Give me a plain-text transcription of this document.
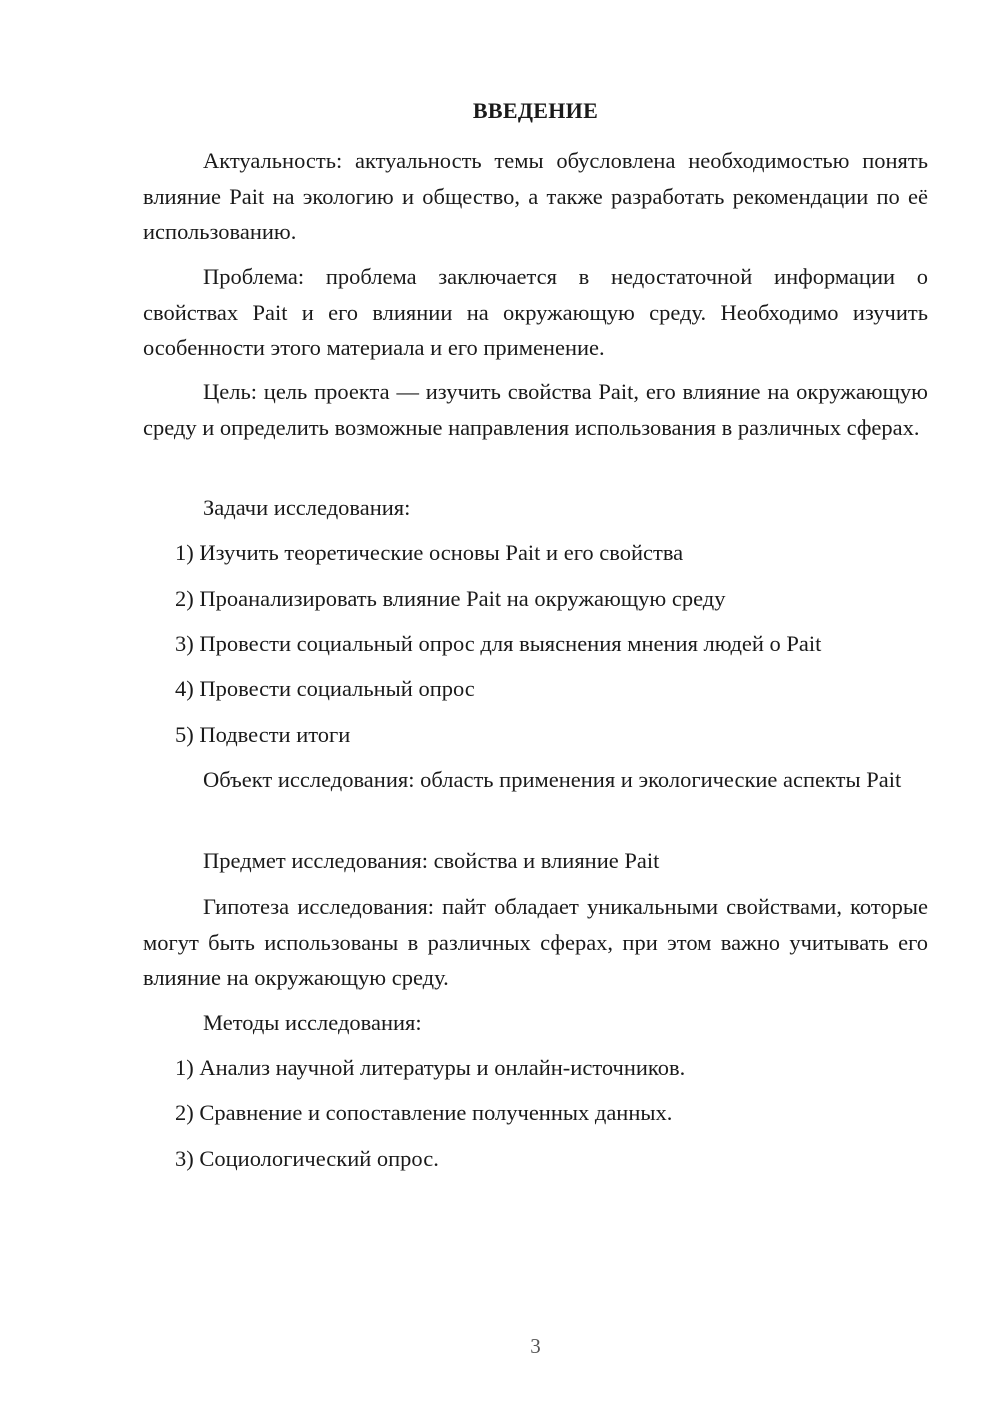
ВВЕДЕНИЕ

Актуальность: актуальность темы обусловлена необходимостью понять влияние Pait на экологию и общество, а также разработать рекомендации по её использованию.

Проблема: проблема заключается в недостаточной информации о свойствах Pait и его влиянии на окружающую среду. Необходимо изучить особенности этого материала и его применение.

Цель: цель проекта — изучить свойства Pait, его влияние на окружающую среду и определить возможные направления использования в различных сферах.

Задачи исследования:

1) Изучить теоретические основы Pait и его свойства

2) Проанализировать влияние Pait на окружающую среду

3) Провести социальный опрос для выяснения мнения людей о Pait

4) Провести социальный опрос

5) Подвести итоги

Объект исследования: область применения и экологические аспекты Pait

Предмет исследования: свойства и влияние Pait

Гипотеза исследования: пайт обладает уникальными свойствами, которые могут быть использованы в различных сферах, при этом важно учитывать его влияние на окружающую среду.

Методы исследования:

1) Анализ научной литературы и онлайн-источников.

2) Сравнение и сопоставление полученных данных.

3) Социологический опрос.

3
